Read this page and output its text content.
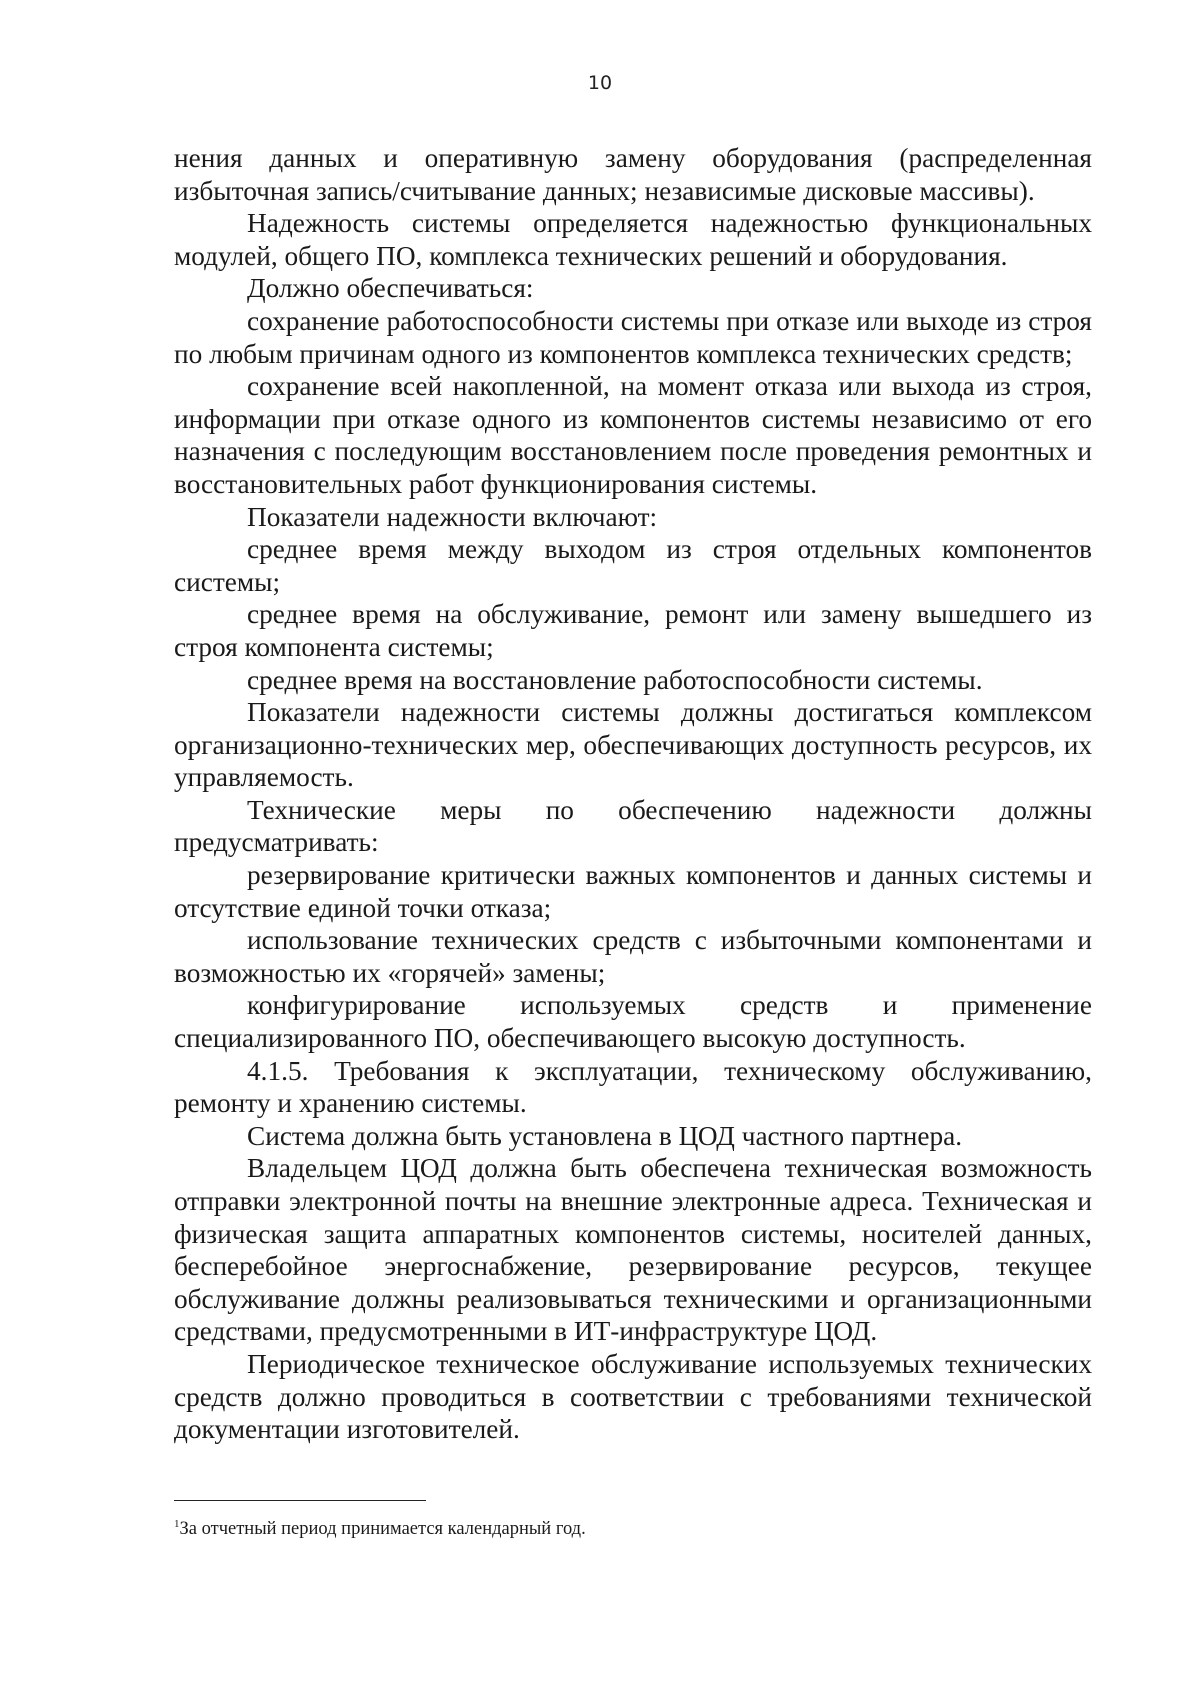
10

нения данных и оперативную замену оборудования (распределенная избыточная запись/считывание данных; независимые дисковые массивы).

Надежность системы определяется надежностью функциональных модулей, общего ПО, комплекса технических решений и оборудования.

Должно обеспечиваться:

сохранение работоспособности системы при отказе или выходе из строя по любым причинам одного из компонентов комплекса технических средств;

сохранение всей накопленной, на момент отказа или выхода из строя, информации при отказе одного из компонентов системы независимо от его назначения с последующим восстановлением после проведения ремонтных и восстановительных работ функционирования системы.

Показатели надежности включают:

среднее время между выходом из строя отдельных компонентов системы;

среднее время на обслуживание, ремонт или замену вышедшего из строя компонента системы;

среднее время на восстановление работоспособности системы.

Показатели надежности системы должны достигаться комплексом организационно-технических мер, обеспечивающих доступность ресурсов, их управляемость.

Технические меры по обеспечению надежности должны предусматривать:

резервирование критически важных компонентов и данных системы и отсутствие единой точки отказа;

использование технических средств с избыточными компонентами и возможностью их «горячей» замены;

конфигурирование используемых средств и применение специализированного ПО, обеспечивающего высокую доступность.

4.1.5. Требования к эксплуатации, техническому обслуживанию, ремонту и хранению системы.

Система должна быть установлена в ЦОД частного партнера.

Владельцем ЦОД должна быть обеспечена техническая возможность отправки электронной почты на внешние электронные адреса. Техническая и физическая защита аппаратных компонентов системы, носителей данных, бесперебойное энергоснабжение, резервирование ресурсов, текущее обслуживание должны реализовываться техническими и организационными средствами, предусмотренными в ИТ-инфраструктуре ЦОД.

Периодическое техническое обслуживание используемых технических средств должно проводиться в соответствии с требованиями технической документации изготовителей.

$^1$За отчетный период принимается календарный год.
